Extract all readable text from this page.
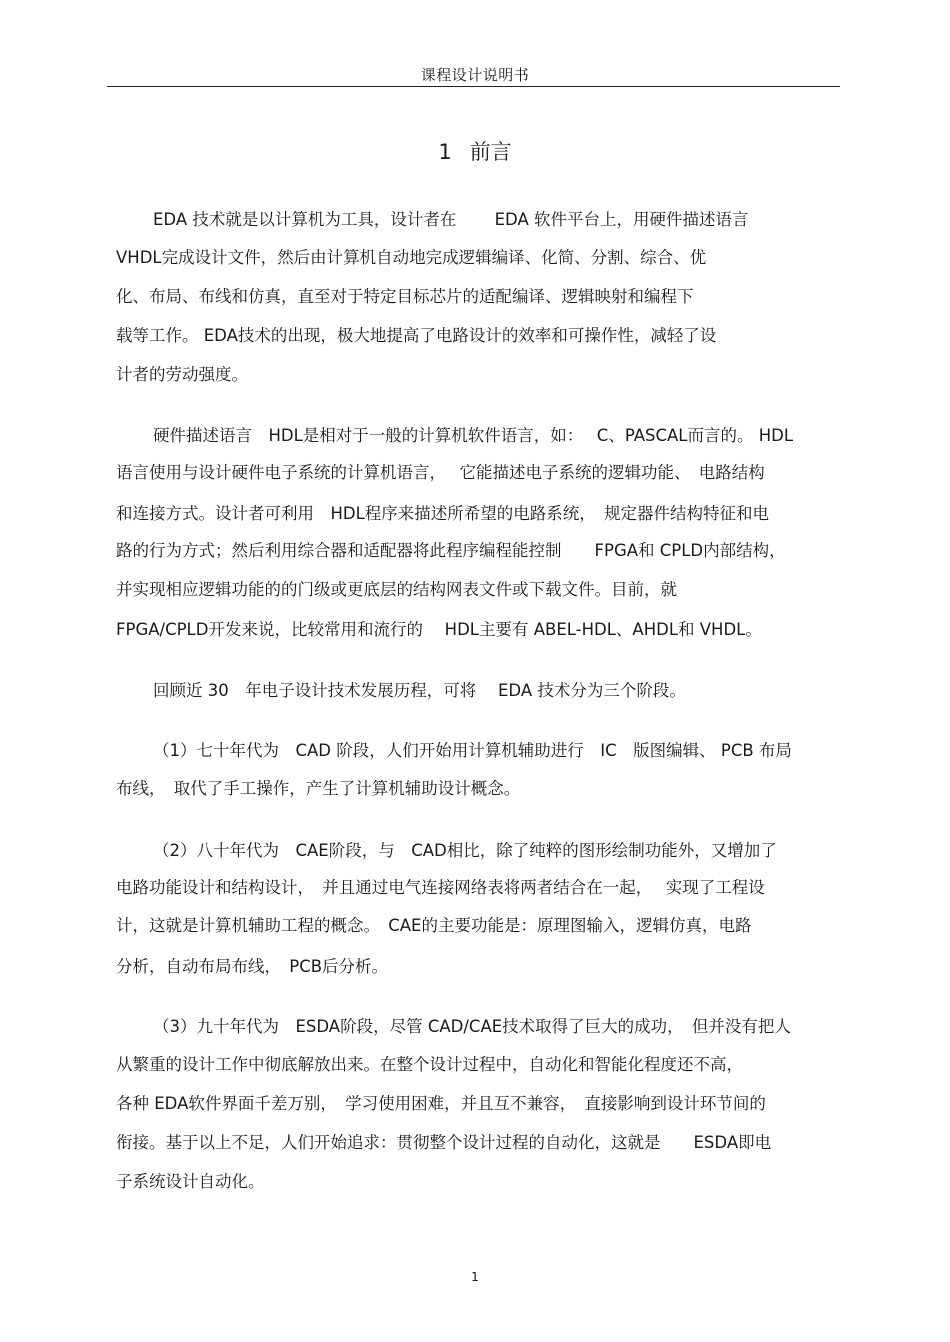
课程设计说明书
1 前言
EDA 技术就是以计算机为工具，设计者在 　　EDA 软件平台上，用硬件描述语言
VHDL完成设计文件，然后由计算机自动地完成逻辑编译、化简、分割、综合、优
化、布局、布线和仿真，直至对于特定目标芯片的适配编译、逻辑映射和编程下
载等工作。 EDA技术的出现，极大地提高了电路设计的效率和可操作性，减轻了设
计者的劳动强度。
硬件描述语言　HDL是相对于一般的计算机软件语言，如：　 C、PASCAL而言的。 HDL
语言使用与设计硬件电子系统的计算机语言，　 它能描述电子系统的逻辑功能、　电路结构
和连接方式。设计者可利用　HDL程序来描述所希望的电路系统，　规定器件结构特征和电
路的行为方式；然后利用综合器和适配器将此程序编程能控制　　FPGA和 CPLD内部结构，
并实现相应逻辑功能的的门级或更底层的结构网表文件或下载文件。目前，就
FPGA/CPLD开发来说，比较常用和流行的　 HDL主要有 ABEL-HDL、AHDL和 VHDL。
回顾近 30　年电子设计技术发展历程，可将　 EDA 技术分为三个阶段。
（1）七十年代为　CAD 阶段，人们开始用计算机辅助进行　IC　版图编辑、 PCB 布局
布线，　取代了手工操作，产生了计算机辅助设计概念。
（2）八十年代为　CAE阶段，与　CAD相比，除了纯粹的图形绘制功能外，又增加了
电路功能设计和结构设计，　并且通过电气连接网络表将两者结合在一起，　 实现了工程设
计，这就是计算机辅助工程的概念。　CAE的主要功能是：原理图输入，逻辑仿真，电路
分析，自动布局布线，　PCB后分析。
（3）九十年代为　ESDA阶段，尽管 CAD/CAE技术取得了巨大的成功，　但并没有把人
从繁重的设计工作中彻底解放出来。在整个设计过程中，自动化和智能化程度还不高，
各种 EDA软件界面千差万别，　学习使用困难，并且互不兼容，　直接影响到设计环节间的
衔接。基于以上不足，人们开始追求：贯彻整个设计过程的自动化，这就是　　ESDA即电
子系统设计自动化。
1
